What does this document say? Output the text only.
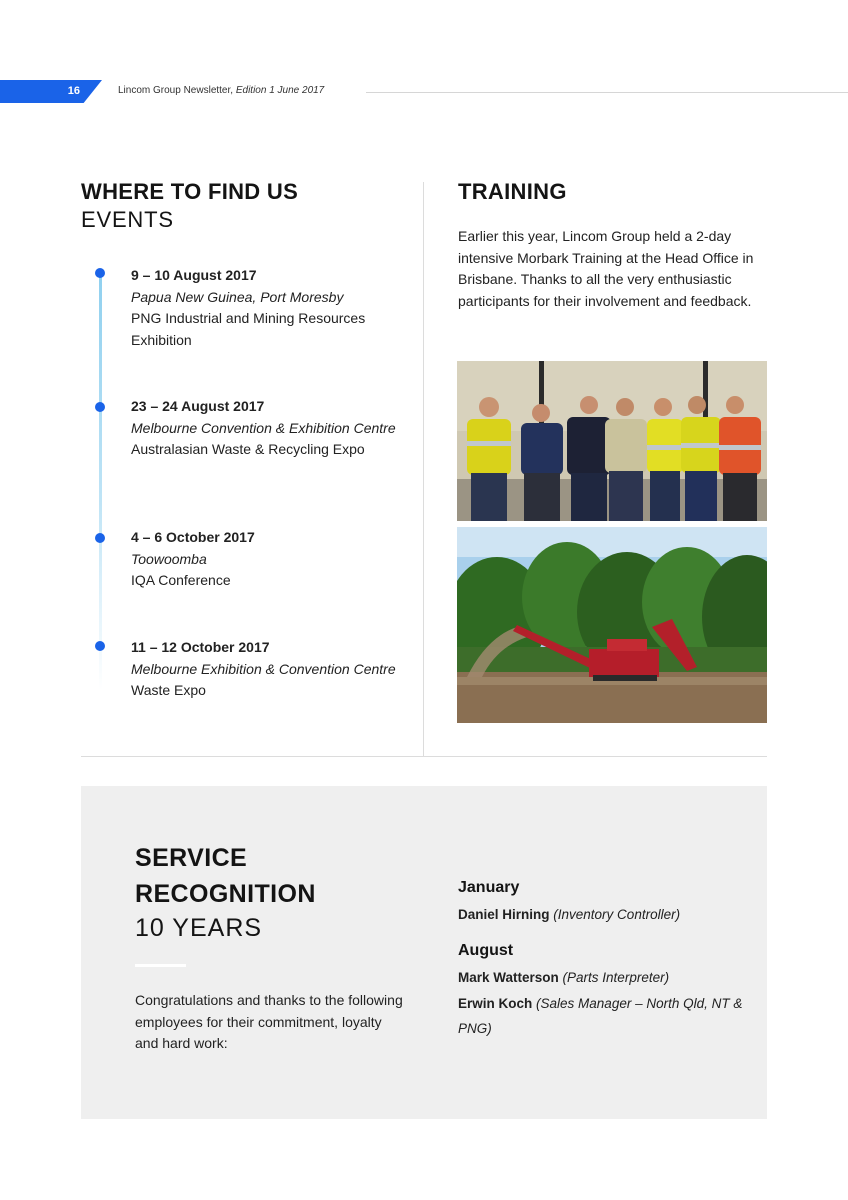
16	Lincom Group Newsletter, Edition 1 June 2017
WHERE TO FIND US
EVENTS
9 – 10 August 2017
Papua New Guinea, Port Moresby
PNG Industrial and Mining Resources Exhibition
23 – 24 August 2017
Melbourne Convention & Exhibition Centre Australasian Waste & Recycling Expo
4 – 6 October 2017
Toowoomba
IQA Conference
11 – 12 October 2017
Melbourne Exhibition & Convention Centre
Waste Expo
TRAINING
Earlier this year, Lincom Group held a 2-day intensive Morbark Training at the Head Office in Brisbane. Thanks to all the very enthusiastic participants for their involvement and feedback.
SERVICE
RECOGNITION
10 YEARS
Congratulations and thanks to the following employees for their commitment, loyalty and hard work:
January
Daniel Hirning (Inventory Controller)
August
Mark Watterson (Parts Interpreter)
Erwin Koch (Sales Manager – North Qld, NT & PNG)
